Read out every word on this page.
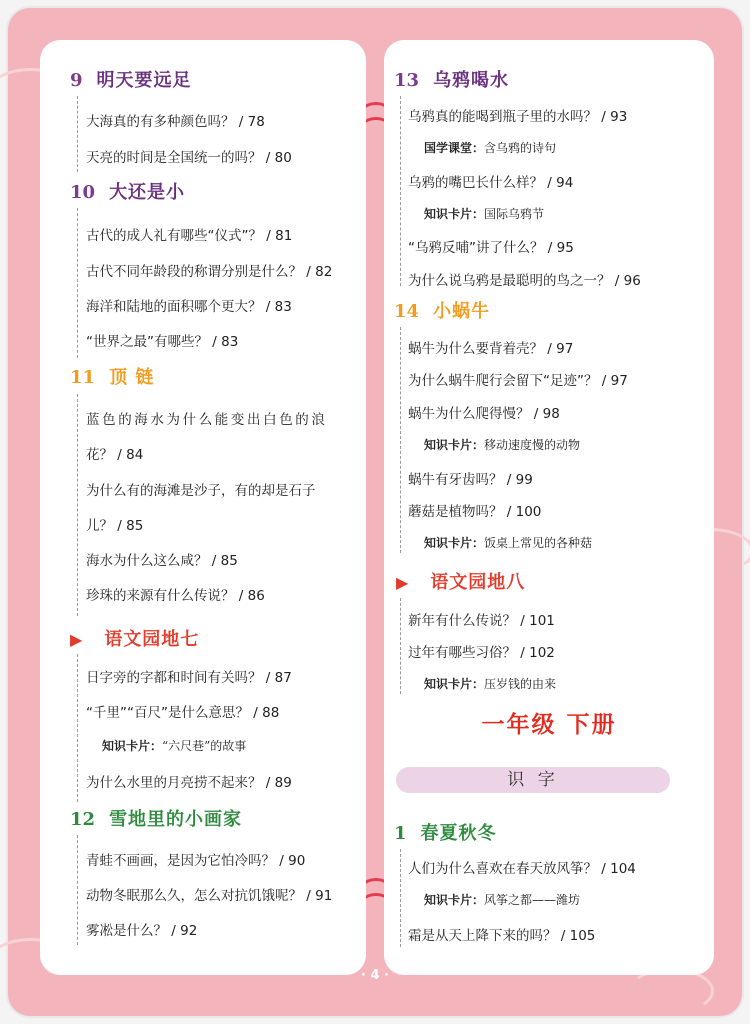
9 明天要远足
大海真的有多种颜色吗？ / 78
天亮的时间是全国统一的吗？ / 80
10 大还是小
古代的成人礼有哪些“仪式”？ / 81
古代不同年龄段的称谓分别是什么？ / 82
海洋和陆地的面积哪个更大？ / 83
“世界之最”有哪些？ / 83
11 顶 链
蓝色的海水为什么能变出白色的浪
花？ / 84
为什么有的海滩是沙子，有的却是石子
儿？ / 85
海水为什么这么咸？ / 85
珍珠的来源有什么传说？ / 86
▶ 语文园地七
日字旁的字都和时间有关吗？ / 87
“千里”“百尺”是什么意思？ / 88
知识卡片：“六尺巷”的故事
为什么水里的月亮捞不起来？ / 89
12 雪地里的小画家
青蛙不画画，是因为它怕冷吗？ / 90
动物冬眠那么久，怎么对抗饥饿呢？ / 91
雾凇是什么？ / 92
13 乌鸦喝水
乌鸦真的能喝到瓶子里的水吗？ / 93
国学课堂：含乌鸦的诗句
乌鸦的嘴巴长什么样？ / 94
知识卡片：国际乌鸦节
“乌鸦反哺”讲了什么？ / 95
为什么说乌鸦是最聪明的鸟之一？ / 96
14 小蜗牛
蜗牛为什么要背着壳？ / 97
为什么蜗牛爬行会留下“足迹”？ / 97
蜗牛为什么爬得慢？ / 98
知识卡片：移动速度慢的动物
蜗牛有牙齿吗？ / 99
蘑菇是植物吗？ / 100
知识卡片：饭桌上常见的各种菇
▶ 语文园地八
新年有什么传说？ / 101
过年有哪些习俗？ / 102
知识卡片：压岁钱的由来
一年级 下册
识 字
1 春夏秋冬
人们为什么喜欢在春天放风筝？ / 104
知识卡片：风筝之都——潍坊
霜是从天上降下来的吗？ / 105
· 4 ·
